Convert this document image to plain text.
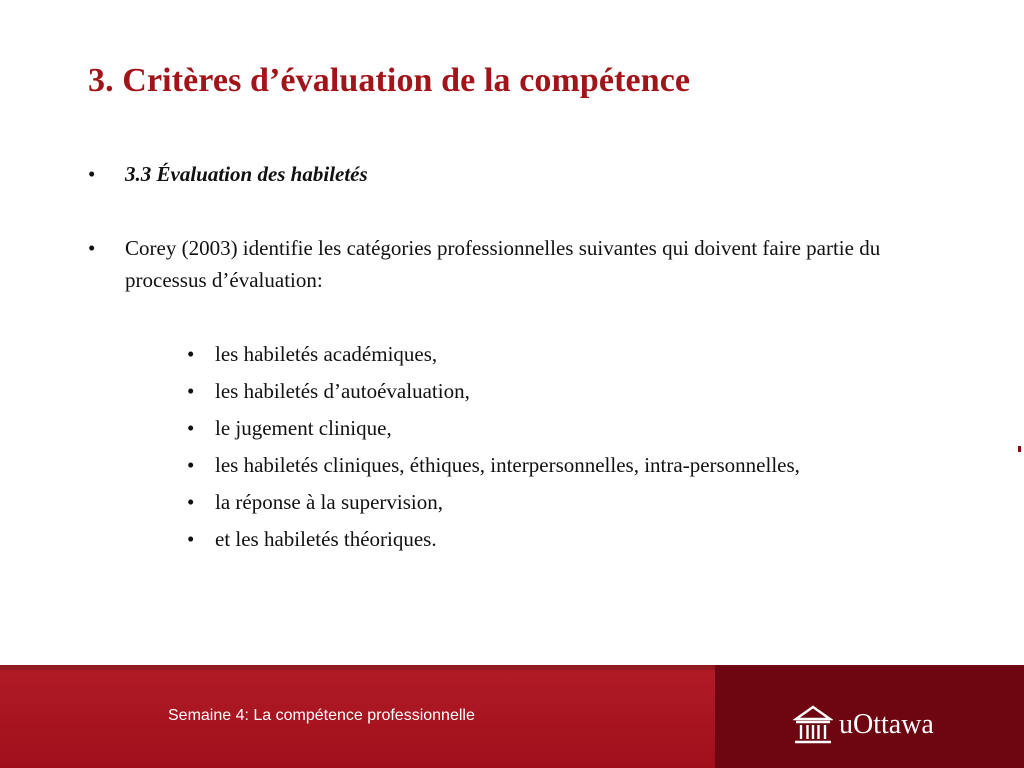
3. Critères d’évaluation de la compétence
• 3.3 Évaluation des habiletés
• Corey (2003) identifie les catégories professionnelles suivantes qui doivent faire partie du processus d’évaluation:
• les habiletés académiques,
• les habiletés d’autoévaluation,
• le jugement clinique,
• les habiletés cliniques, éthiques, interpersonnelles, intra-personnelles,
• la réponse à la supervision,
• et les habiletés théoriques.
Semaine 4: La compétence professionnelle	uOttawa
